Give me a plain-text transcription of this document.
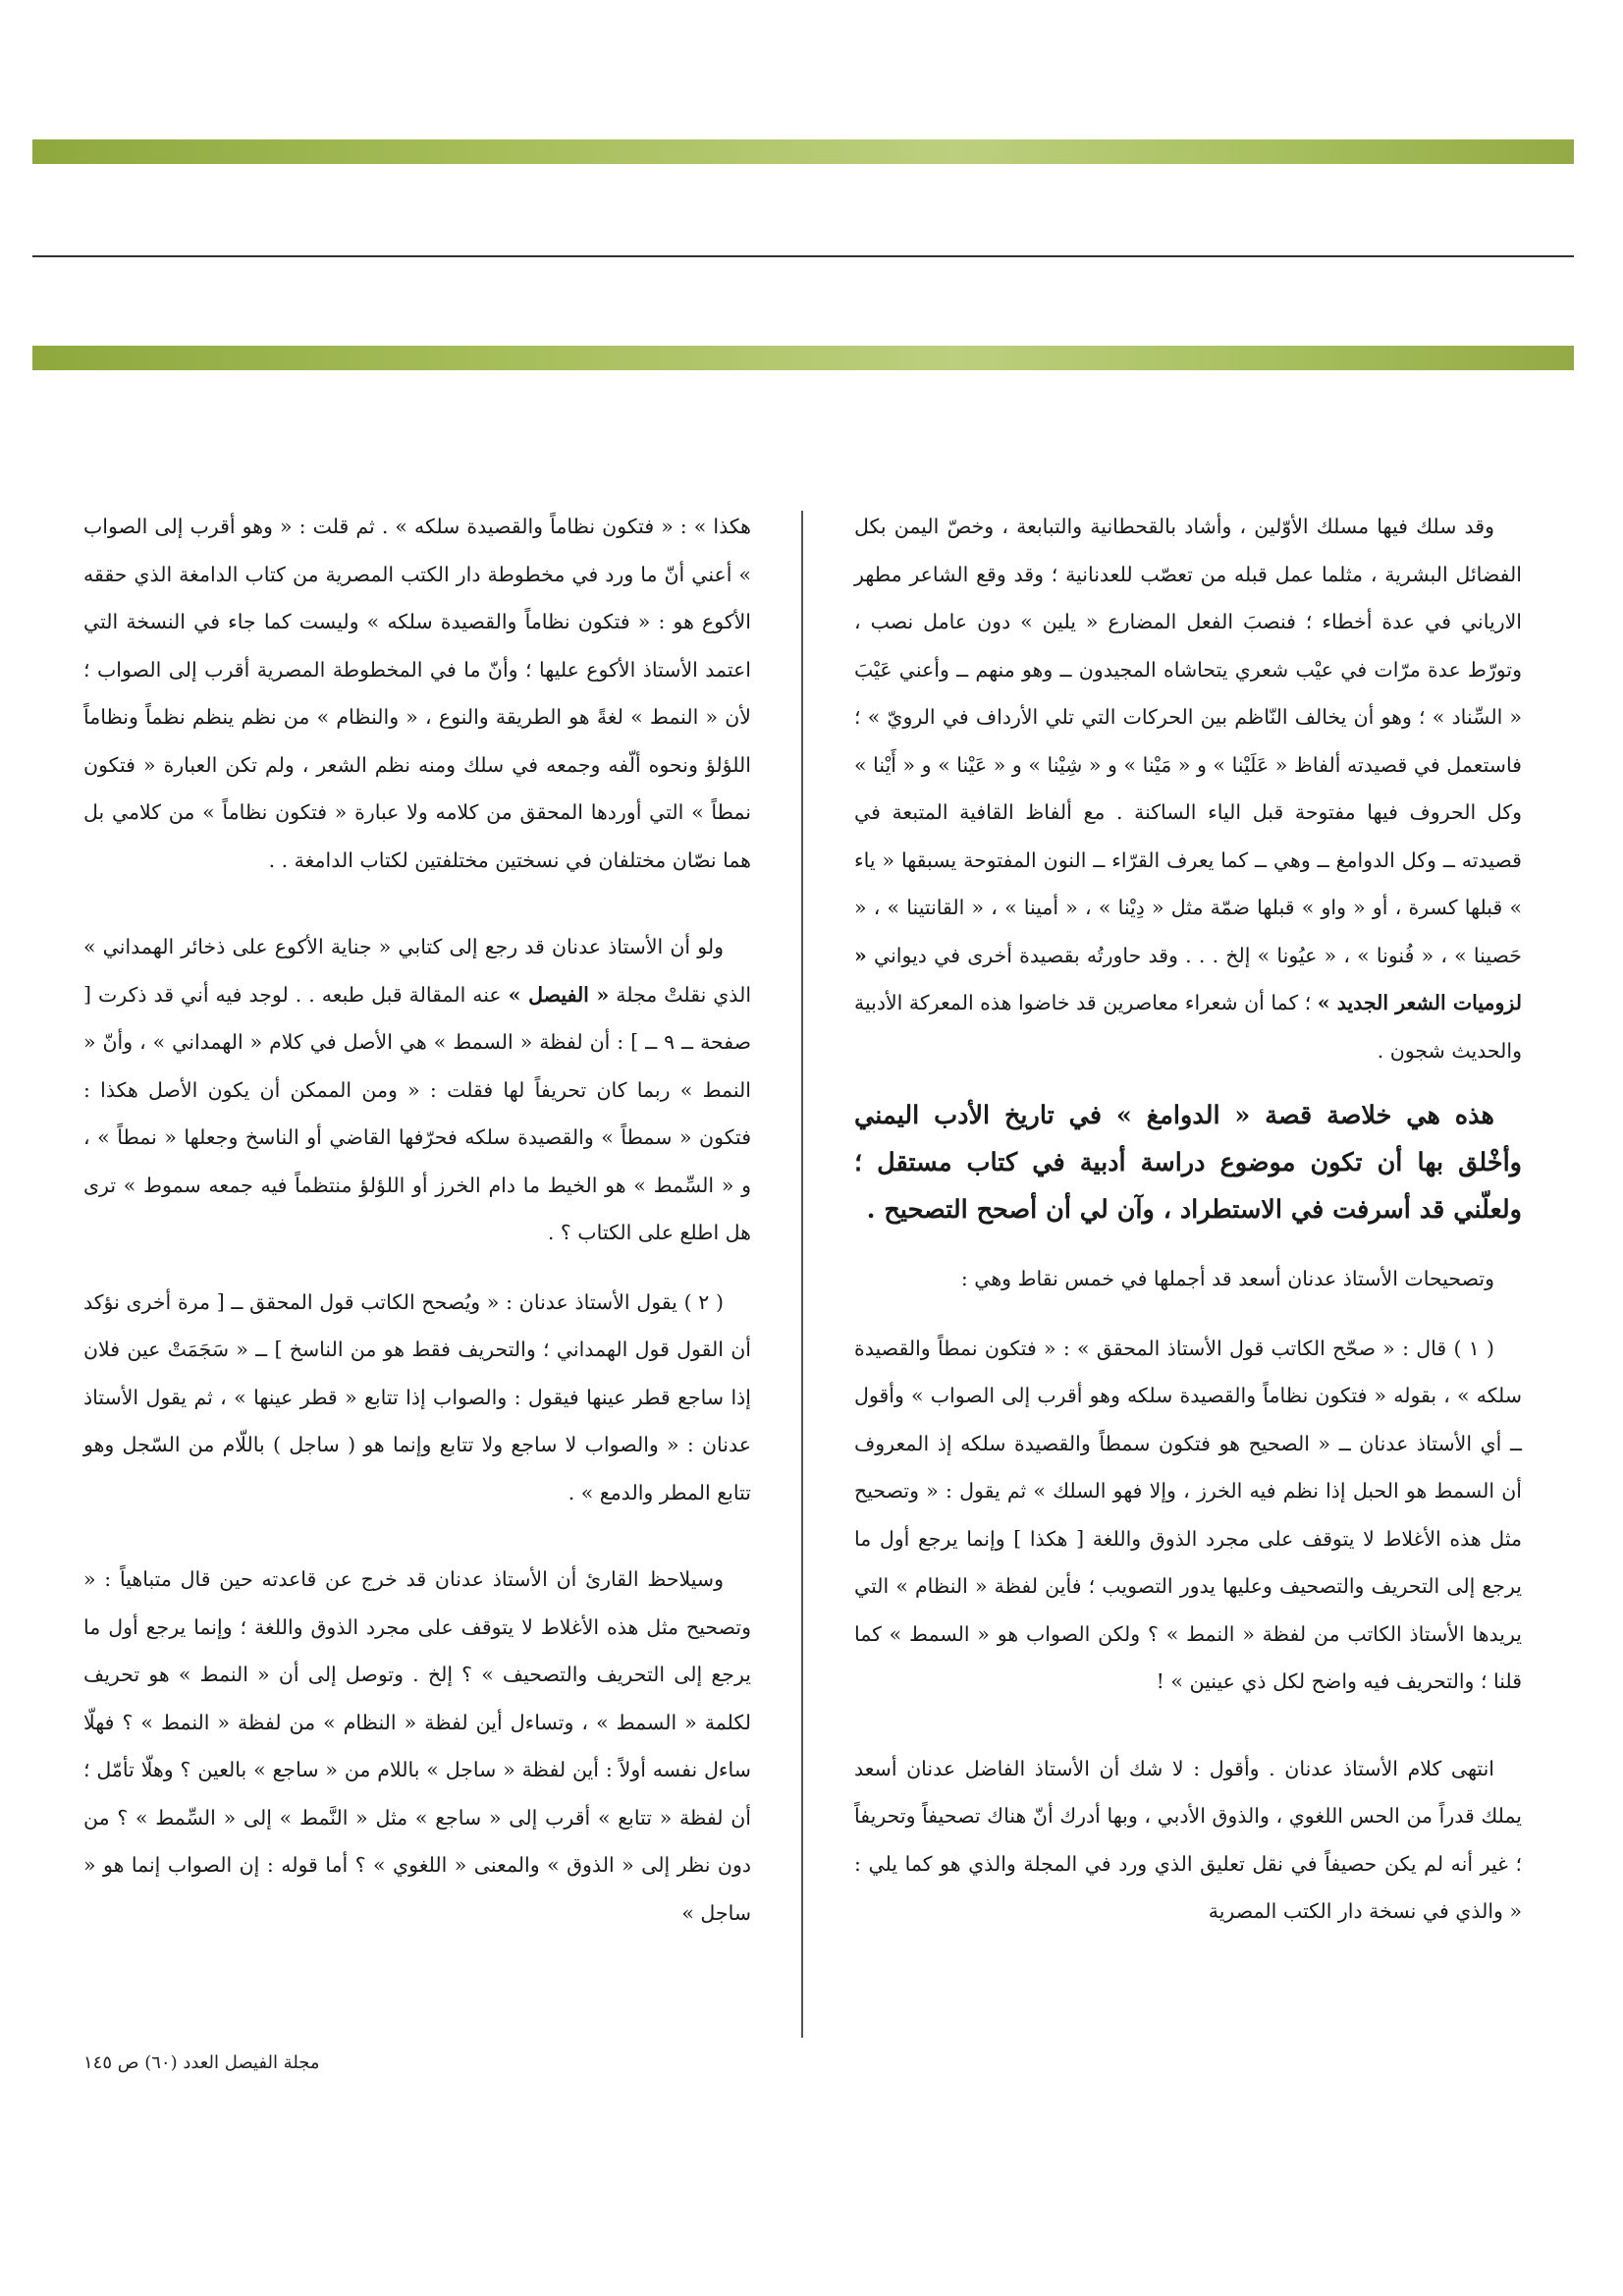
وقد سلك فيها مسلك الأوّلين ، وأشاد بالقحطانية والتبابعة ، وخصّ اليمن بكل الفضائل البشرية ، مثلما عمل قبله من تعصّب للعدنانية ؛ وقد وقع الشاعر مطهر الارياني في عدة أخطاء ؛ فنصبَ الفعل المضارع « يلين » دون عامل نصب ، وتورّط عدة مرّات في عيْب شعري يتحاشاه المجيدون ــ وهو منهم ــ وأعني عَيْبَ « السِّناد » ؛ وهو أن يخالف النّاظم بين الحركات التي تلي الأرداف في الرويّ » ؛ فاستعمل في قصيدته ألفاظ « عَلَيْنا » و « مَيْنا » و « شِيْنا » و « عَيْنا » و « أَيْنا » وكل الحروف فيها مفتوحة قبل الياء الساكنة . مع ألفاظ القافية المتبعة في قصيدته ــ وكل الدوامغ ــ وهي ــ كما يعرف القرّاء ــ النون المفتوحة يسبقها « ياء » قبلها كسرة ، أو « واو » قبلها ضمّة مثل « دِيْنا » ، « أمينا » ، « القانتينا » ، « حَصينا » ، « فُنونا » ، « عيُونا » إلخ . . . وقد حاورتُه بقصيدة أخرى في ديواني « لزوميات الشعر الجديد » ؛ كما أن شعراء معاصرين قد خاضوا هذه المعركة الأدبية والحديث شجون .

هذه هي خلاصة قصة « الدوامغ » في تاريخ الأدب اليمني وأخْلق بها أن تكون موضوع دراسة أدبية في كتاب مستقل ؛ ولعلّني قد أسرفت في الاستطراد ، وآن لي أن أصحح التصحيح .

وتصحيحات الأستاذ عدنان أسعد قد أجملها في خمس نقاط وهي :

( ١ ) قال : « صحّح الكاتب قول الأستاذ المحقق » : « فتكون نمطاً والقصيدة سلكه » ، بقوله « فتكون نظاماً والقصيدة سلكه وهو أقرب إلى الصواب » وأقول ــ أي الأستاذ عدنان ــ « الصحيح هو فتكون سمطاً والقصيدة سلكه إذ المعروف أن السمط هو الحبل إذا نظم فيه الخرز ، وإلا فهو السلك » ثم يقول : « وتصحيح مثل هذه الأغلاط لا يتوقف على مجرد الذوق واللغة [ هكذا ] وإنما يرجع أول ما يرجع إلى التحريف والتصحيف وعليها يدور التصويب ؛ فأين لفظة « النظام » التي يريدها الأستاذ الكاتب من لفظة « النمط » ؟ ولكن الصواب هو « السمط » كما قلنا ؛ والتحريف فيه واضح لكل ذي عينين » !

انتهى كلام الأستاذ عدنان . وأقول : لا شك أن الأستاذ الفاضل عدنان أسعد يملك قدراً من الحس اللغوي ، والذوق الأدبي ، وبها أدرك أنّ هناك تصحيفاً وتحريفاً ؛ غير أنه لم يكن حصيفاً في نقل تعليق الذي ورد في المجلة والذي هو كما يلي : « والذي في نسخة دار الكتب المصرية

هكذا » : « فتكون نظاماً والقصيدة سلكه » . ثم قلت : « وهو أقرب إلى الصواب » أعني أنّ ما ورد في مخطوطة دار الكتب المصرية من كتاب الدامغة الذي حققه الأكوع هو : « فتكون نظاماً والقصيدة سلكه » وليست كما جاء في النسخة التي اعتمد الأستاذ الأكوع عليها ؛ وأنّ ما في المخطوطة المصرية أقرب إلى الصواب ؛ لأن « النمط » لغةً هو الطريقة والنوع ، « والنظام » من نظم ينظم نظماً ونظاماً اللؤلؤ ونحوه ألّفه وجمعه في سلك ومنه نظم الشعر ، ولم تكن العبارة « فتكون نمطاً » التي أوردها المحقق من كلامه ولا عبارة « فتكون نظاماً » من كلامي بل هما نصّان مختلفان في نسختين مختلفتين لكتاب الدامغة . .

ولو أن الأستاذ عدنان قد رجع إلى كتابي « جناية الأكوع على ذخائر الهمداني » الذي نقلتْ مجلة « الفيصل » عنه المقالة قبل طبعه . . لوجد فيه أني قد ذكرت [ صفحة ــ ٩ ــ ] : أن لفظة « السمط » هي الأصل في كلام « الهمداني » ، وأنّ « النمط » ربما كان تحريفاً لها فقلت : « ومن الممكن أن يكون الأصل هكذا : فتكون « سمطاً » والقصيدة سلكه فحرّفها القاضي أو الناسخ وجعلها « نمطاً » ، و « السِّمط » هو الخيط ما دام الخرز أو اللؤلؤ منتظماً فيه جمعه سموط » ترى هل اطلع على الكتاب ؟ .

( ٢ ) يقول الأستاذ عدنان : « ويُصحح الكاتب قول المحقق ــ [ مرة أخرى نؤكد أن القول قول الهمداني ؛ والتحريف فقط هو من الناسخ ] ــ « سَجَمَتْ عين فلان إذا ساجع قطر عينها فيقول : والصواب إذا تتابع « قطر عينها » ، ثم يقول الأستاذ عدنان : « والصواب لا ساجع ولا تتابع وإنما هو ( ساجل ) باللّام من السّجل وهو تتابع المطر والدمع » .

وسيلاحظ القارئ أن الأستاذ عدنان قد خرج عن قاعدته حين قال متباهياً : « وتصحيح مثل هذه الأغلاط لا يتوقف على مجرد الذوق واللغة ؛ وإنما يرجع أول ما يرجع إلى التحريف والتصحيف » ؟ إلخ . وتوصل إلى أن « النمط » هو تحريف لكلمة « السمط » ، وتساءل أين لفظة « النظام » من لفظة « النمط » ؟ فهلّا ساءل نفسه أولاً : أين لفظة « ساجل » باللام من « ساجع » بالعين ؟ وهلّا تأمّل ؛ أن لفظة « تتابع » أقرب إلى « ساجع » مثل « النَّمط » إلى « السِّمط » ؟ من دون نظر إلى « الذوق » والمعنى « اللغوي » ؟ أما قوله : إن الصواب إنما هو « ساجل »

مجلة الفيصل العدد (٦٠) ص ١٤٥
